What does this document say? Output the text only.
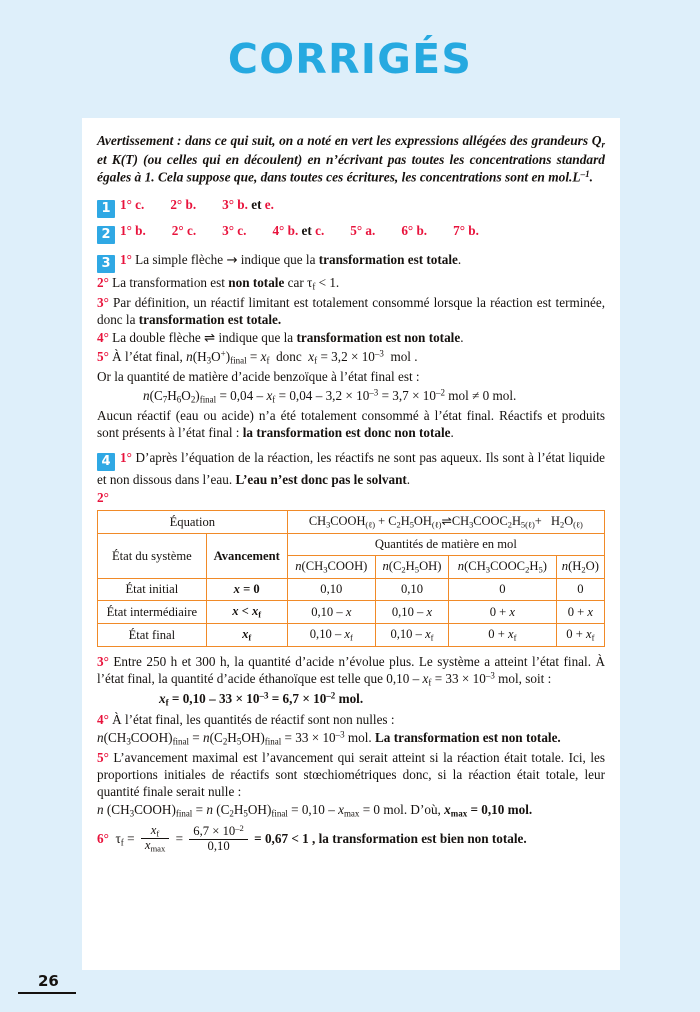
CORRIGÉS

Avertissement : dans ce qui suit, on a noté en vert les expressions allégées des grandeurs $Q_r$ et K(T) (ou celles qui en découlent) en n’écrivant pas toutes les concentrations standard égales à 1. Cela suppose que, dans toutes ces écritures, les concentrations sont en $mol.L^{-1}$.

1 1° c. 2° b. 3° b. et e.

2 1° b. 2° c. 3° c. 4° b. et c. 5° a. 6° b. 7° b.

3 1° La simple flèche → indique que la transformation est totale.

2° La transformation est non totale car $\tau_f < 1$.

3° Par définition, un réactif limitant est totalement consommé lorsque la réaction est terminée, donc la transformation est totale.

4° La double flèche ⇌ indique que la transformation est non totale.

5° À l’état final, $n(H_3O^+)_{final} = x_f$  donc  $x_f = 3,2 \times 10^{-3}$  mol .

Or la quantité de matière d’acide benzoïque à l’état final est :

$n(C_7H_6O_2)_{final} = 0,04 - x_f = 0,04 - 3,2 \times 10^{-3} = 3,7 \times 10^{-2}$ mol ≠ 0 mol.

Aucun réactif (eau ou acide) n’a été totalement consommé à l’état final. Réactifs et produits sont présents à l’état final : la transformation est donc non totale.

4 1° D’après l’équation de la réaction, les réactifs ne sont pas aqueux. Ils sont à l’état liquide et non dissous dans l’eau. L’eau n’est donc pas le solvant.

2°

Équation		$CH_3COOH_{(\ell)}$ + $C_2H_5OH_{(\ell)}\rightleftharpoons CH_3COOC_2H_{5(\ell)}+ H_2O_{(\ell)}$
État du système	Avancement	Quantités de matière en mol			
		$n(CH_3COOH)$	$n(C_2H_5OH)$	$n(CH_3COOC_2H_5)$	$n(H_2O)$
État initial	x = 0	0,10	0,10	0	0
État intermédiaire	$x < x_f$	0,10 – x	0,10 – x	0 + x	0 + x
État final	$x_f$	$0,10 - x_f$	$0,10 - x_f$	$0 + x_f$	$0 + x_f$

3° Entre 250 h et 300 h, la quantité d’acide n’évolue plus. Le système a atteint l’état final. À l’état final, la quantité d’acide éthanoïque est telle que $0,10 - x_f = 33 \times 10^{-3}$ mol, soit :

$x_f = 0,10 - 33 \times 10^{-3} = 6,7 \times 10^{-2}$ mol.

4° À l’état final, les quantités de réactif sont non nulles :

$n(CH_3COOH)_{final} = n(C_2H_5OH)_{final} = 33 \times 10^{-3}$ mol. La transformation est non totale.

5° L’avancement maximal est l’avancement qui serait atteint si la réaction était totale. Ici, les proportions initiales de réactifs sont stœchiométriques donc, si la réaction était totale, leur quantité finale serait nulle :

n $(CH_3COOH)_{final} = n$ $(C_2H_5OH)_{final} = 0,10 - x_{max} = 0$ mol. D’où, $x_{max} = 0,10$ mol.

6°  $\tau_f = \frac{x_f}{x_{max}} = \frac{6,7 \times 10^{-2}}{0,10} = 0,67 < 1$ , la transformation est bien non totale.

26
